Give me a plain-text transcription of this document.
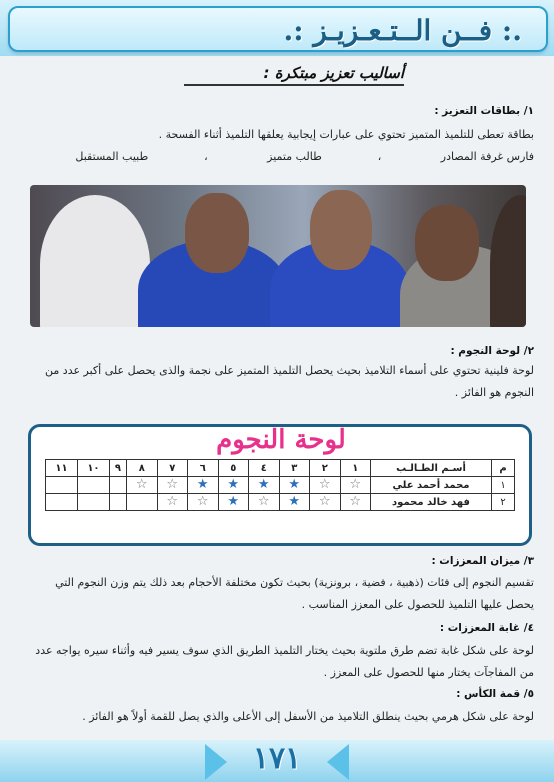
.: فــن الــتـعـزيـز :.
أساليب تعزيز مبتكرة :
١/ بطاقات التعزيز :
بطاقة تعطى للتلميذ المتميز تحتوي على عبارات إيجابية يعلقها التلميذ أثناء الفسحة .
فارس غرفة المصادر                 ،                طالب متميز                 ،                طبيب المستقبل
٢/ لوحة النجوم :
لوحة فلينية تحتوي على أسماء التلاميذ بحيث يحصل التلميذ المتميز على نجمة والذى يحصل على أكبر عدد من
النجوم هو الفائز .
لوحة النجوم
م	أسـم الطـالـب	١	٢	٣	٤	٥	٦	٧	٨	٩	١٠	١١
١	محمد أحمد علي	☆	☆	★	★	★	★	☆	☆			
٢	فهد خالد محمود	☆	☆	★	☆	★	☆	☆				
٣/ ميزان المعززات :
تقسيم النجوم إلى فئات (ذهبية ، فضية ، برونزية) بحيث تكون مختلفة الأحجام بعد ذلك يتم وزن النجوم التي
يحصل عليها التلميذ للحصول على المعزز المناسب .
٤/ غابة المعززات :
لوحة على شكل غابة تضم طرق ملتوية بحيث يختار التلميذ الطريق الذي سوف يسير فيه وأثناء سيره يواجه عدد
من المفاجآت يختار منها للحصول على المعزز .
٥/ قمة الكأس :
لوحة على شكل هرمي بحيث ينطلق التلاميذ من الأسفل إلى الأعلى والذي يصل للقمة أولاً هو الفائز .
١٧١
